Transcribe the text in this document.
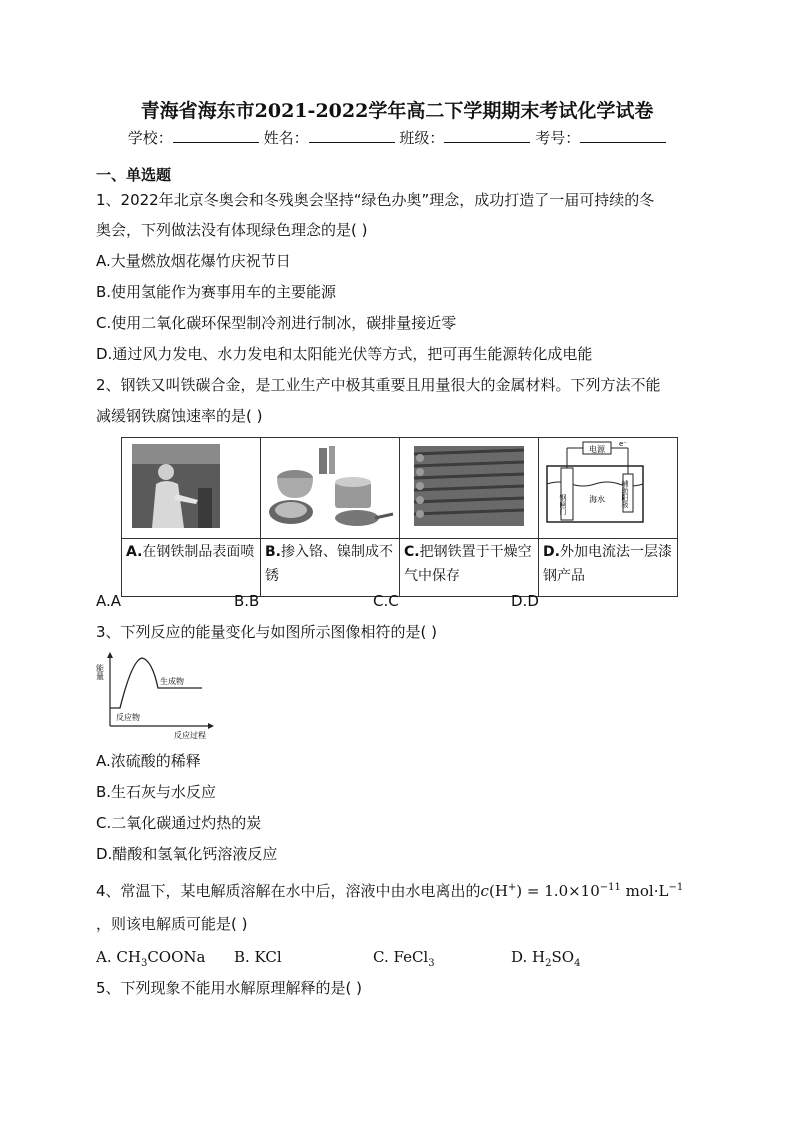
青海省海东市2021-2022学年高二下学期期末考试化学试卷
学校：	姓名：	班级：	考号：
一、单选题
1、2022年北京冬奥会和冬残奥会坚持“绿色办奥”理念，成功打造了一届可持续的冬
奥会，下列做法没有体现绿色理念的是( )
A.大量燃放烟花爆竹庆祝节日
B.使用氢能作为赛事用车的主要能源
C.使用二氧化碳环保型制冷剂进行制冰，碳排量接近零
D.通过风力发电、水力发电和太阳能光伏等方式，把可再生能源转化成电能
2、钢铁又叫铁碳合金，是工业生产中极其重要且用量很大的金属材料。下列方法不能
减缓钢铁腐蚀速率的是( )

电源
e⁻
海水
钢闸门 辅助阳极

A.在钢铁制品表面喷	B.掺入铬、镍制成不锈	C.把钢铁置于干燥空气中保存	D.外加电流法一层漆钢产品
A.A	B.B	C.C	D.D
3、下列反应的能量变化与如图所示图像相符的是( )
能量
反应物
生成物
反应过程
A.浓硫酸的稀释
B.生石灰与水反应
C.二氧化碳通过灼热的炭
D.醋酸和氢氧化钙溶液反应
4、常温下，某电解质溶解在水中后，溶液中由水电离出的$c(H^+) = 1.0\times 10^{-11}$ $mol\cdot L^{-1}$
，则该电解质可能是( )
A. $CH_3COONa$ B. KCl	C. FeCl$_3$	D. $H_2SO_4$
5、下列现象不能用水解原理解释的是( )
